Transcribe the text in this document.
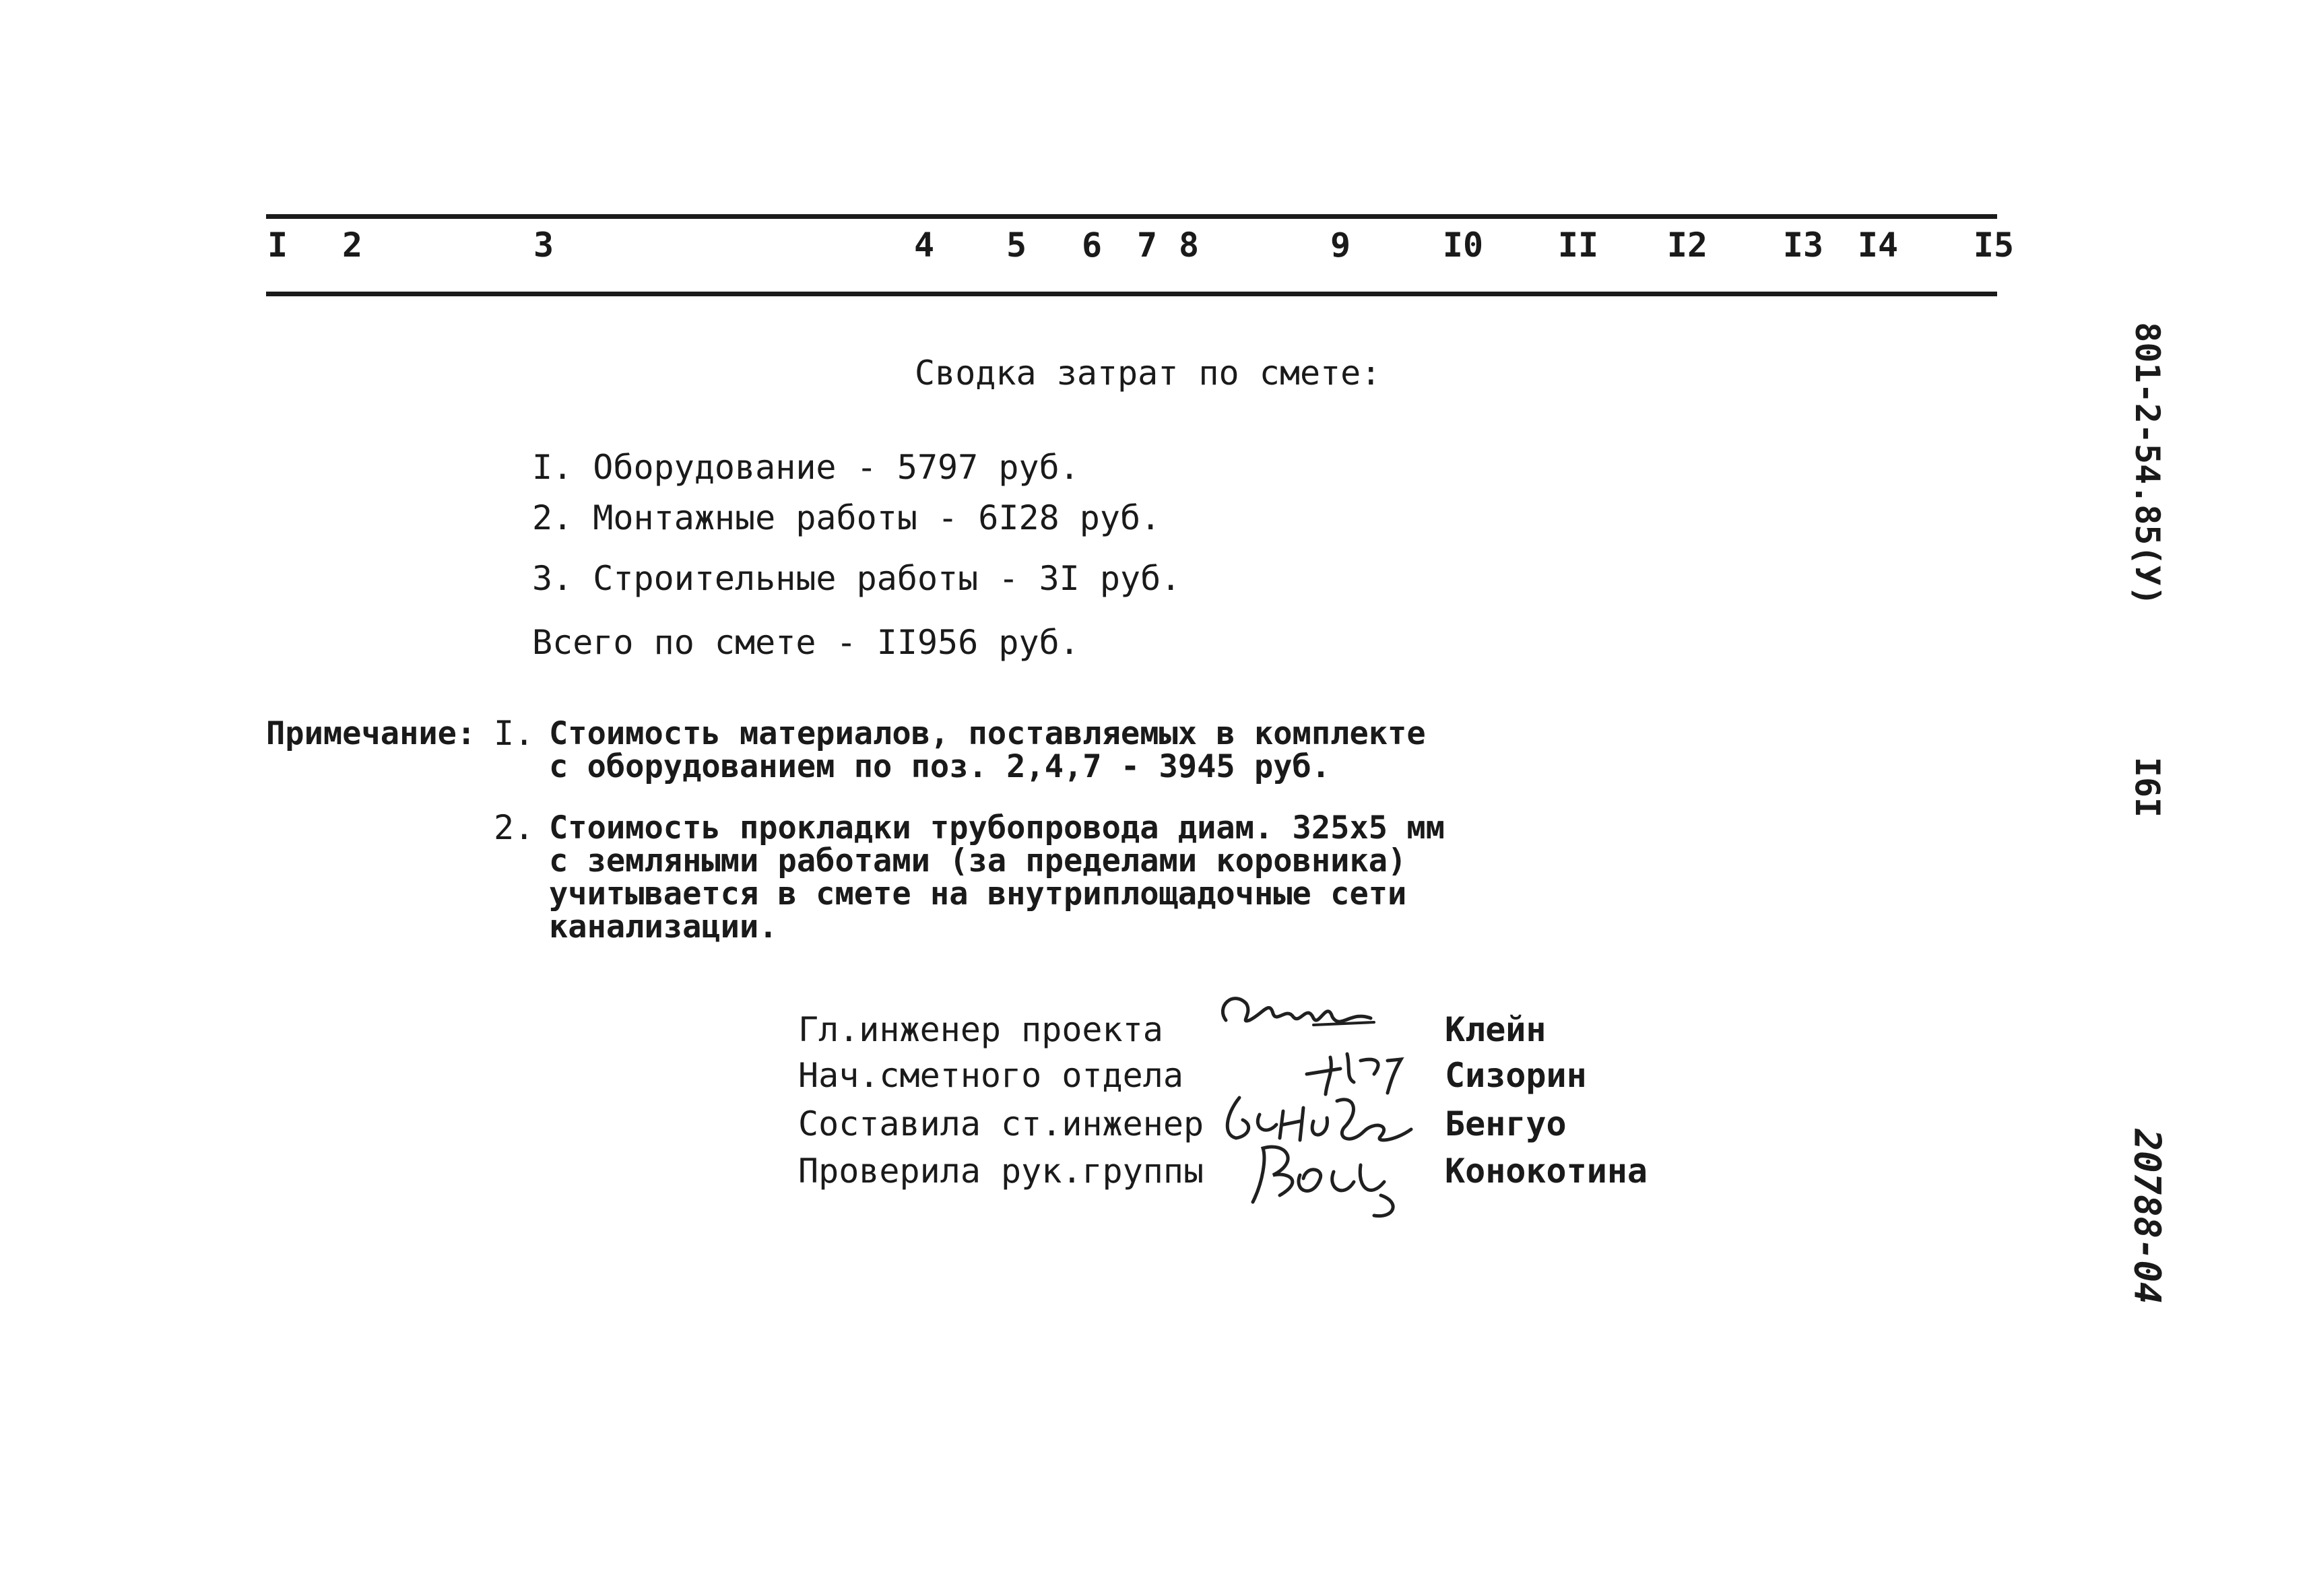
I 2	3	4 5 6 7 8	9	I0 II I2 I3 I4 I5
Сводка затрат по смете:
I. Оборудование - 5797 руб.
2. Монтажные работы - 6I28 руб.
3. Строительные работы - 3I руб.
Всего по смете - II956 руб.
Примечание: I. Стоимость материалов, поставляемых в комплекте
с оборудованием по поз. 2,4,7 - 3945 руб.
2. Стоимость прокладки трубопровода диам. 325х5 мм
с земляными работами (за пределами коровника)
учитывается в смете на внутриплощадочные сети
канализации.
Гл.инженер проекта	Клейн
Нач.сметного отдела	Сизорин
Составила ст.инженер	Бенгуо
Проверила рук.группы	Конокотина
801-2-54.85(У)
I6I
20788-04
